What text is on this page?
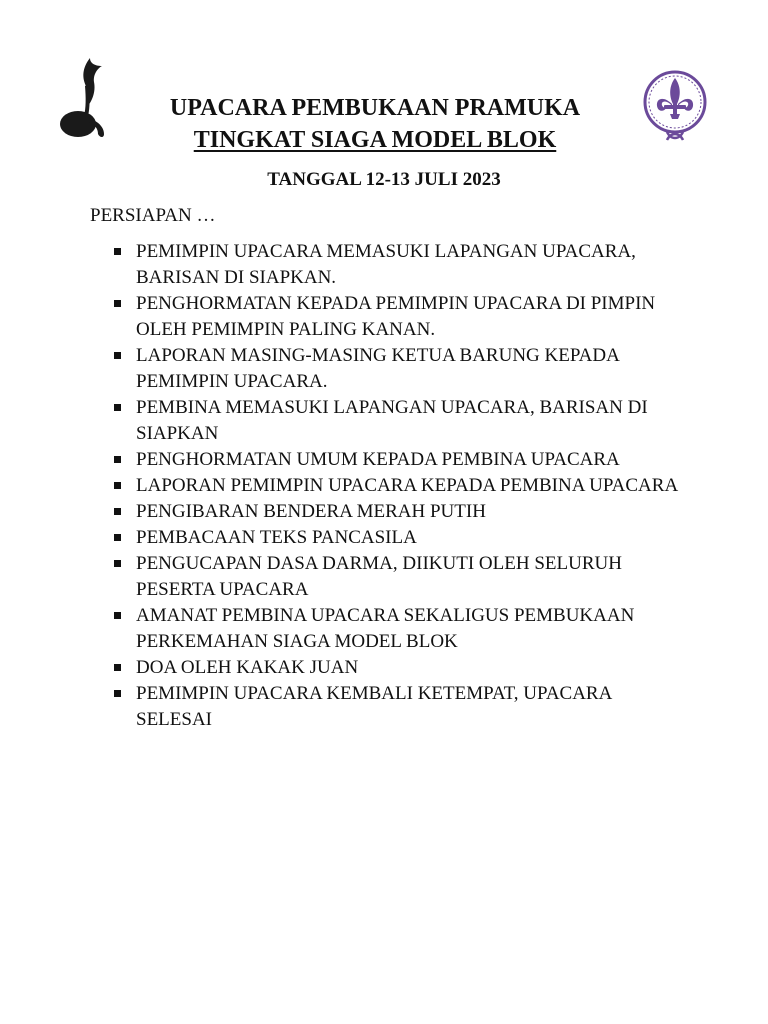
UPACARA PEMBUKAAN PRAMUKA
TINGKAT SIAGA MODEL BLOK
TANGGAL 12-13 JULI 2023
PERSIAPAN …
PEMIMPIN UPACARA MEMASUKI LAPANGAN UPACARA, BARISAN DI SIAPKAN.
PENGHORMATAN KEPADA PEMIMPIN UPACARA DI PIMPIN OLEH PEMIMPIN PALING KANAN.
LAPORAN MASING-MASING KETUA BARUNG KEPADA PEMIMPIN UPACARA.
PEMBINA MEMASUKI LAPANGAN UPACARA, BARISAN DI SIAPKAN
PENGHORMATAN UMUM KEPADA PEMBINA UPACARA
LAPORAN PEMIMPIN UPACARA KEPADA PEMBINA UPACARA
PENGIBARAN BENDERA MERAH PUTIH
PEMBACAAN TEKS PANCASILA
PENGUCAPAN DASA DARMA, DIIKUTI OLEH SELURUH PESERTA UPACARA
AMANAT PEMBINA UPACARA SEKALIGUS PEMBUKAAN PERKEMAHAN SIAGA MODEL BLOK
DOA OLEH KAKAK JUAN
PEMIMPIN UPACARA KEMBALI KETEMPAT, UPACARA SELESAI
